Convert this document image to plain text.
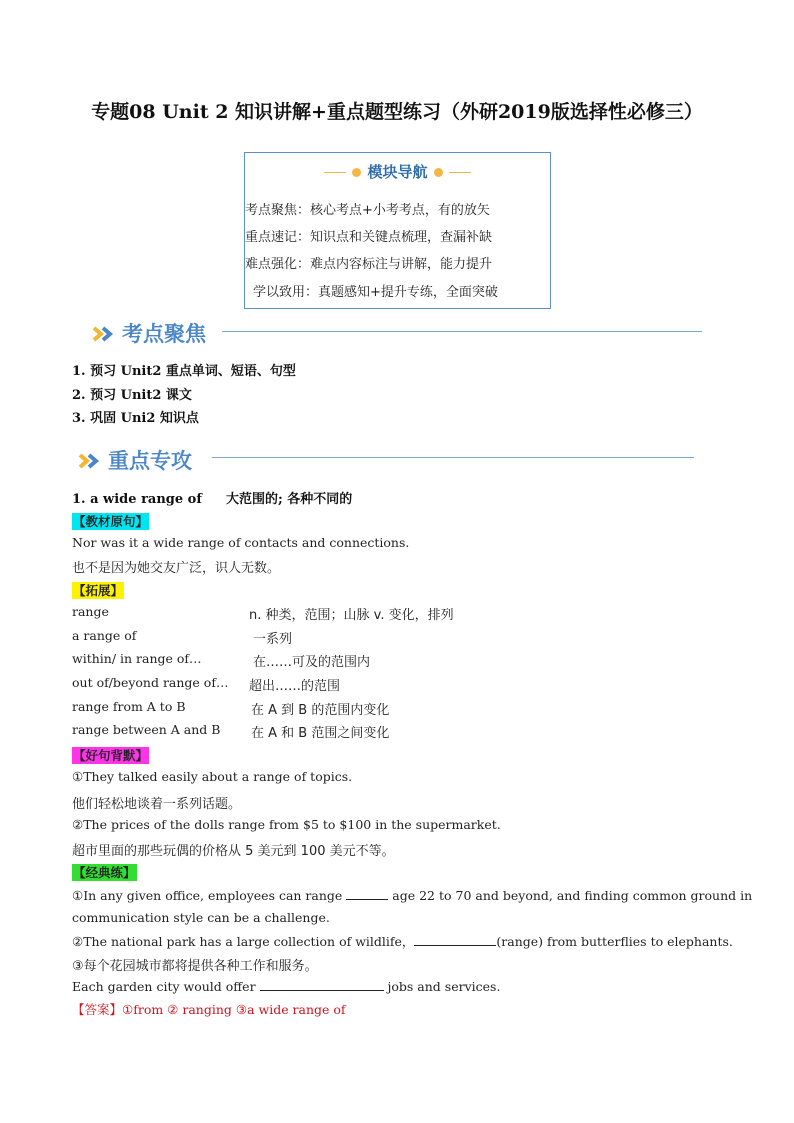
专题08 Unit 2 知识讲解+重点题型练习（外研2019版选择性必修三）
模块导航
考点聚焦：核心考点+小考考点，有的放矢
重点速记：知识点和关键点梳理，查漏补缺
难点强化：难点内容标注与讲解，能力提升
学以致用：真题感知+提升专练，全面突破
考点聚焦
1. 预习 Unit2 重点单词、短语、句型
2. 预习 Unit2 课文
3. 巩固 Uni2 知识点
重点专攻
1. a wide range of 大范围的; 各种不同的
【教材原句】
Nor was it a wide range of contacts and connections.
也不是因为她交友广泛，识人无数。
【拓展】
range	n. 种类，范围；山脉 v. 变化，排列
a range of	一系列
within/ in range of…	在……可及的范围内
out of/beyond range of… 超出……的范围
range from A to B	在 A 到 B 的范围内变化
range between A and B 在 A 和 B 范围之间变化
【好句背默】
①They talked easily about a range of topics.
他们轻松地谈着一系列话题。
②The prices of the dolls range from $5 to $100 in the supermarket.
超市里面的那些玩偶的价格从 5 美元到 100 美元不等。
【经典练】
①In any given office, employees can range	age 22 to 70 and beyond, and finding common ground in
communication style can be a challenge.
②The national park has a large collection of wildlife，	(range) from butterflies to elephants.
③每个花园城市都将提供各种工作和服务。
Each garden city would offer	jobs and services.
【答案】①from ② ranging ③a wide range of
